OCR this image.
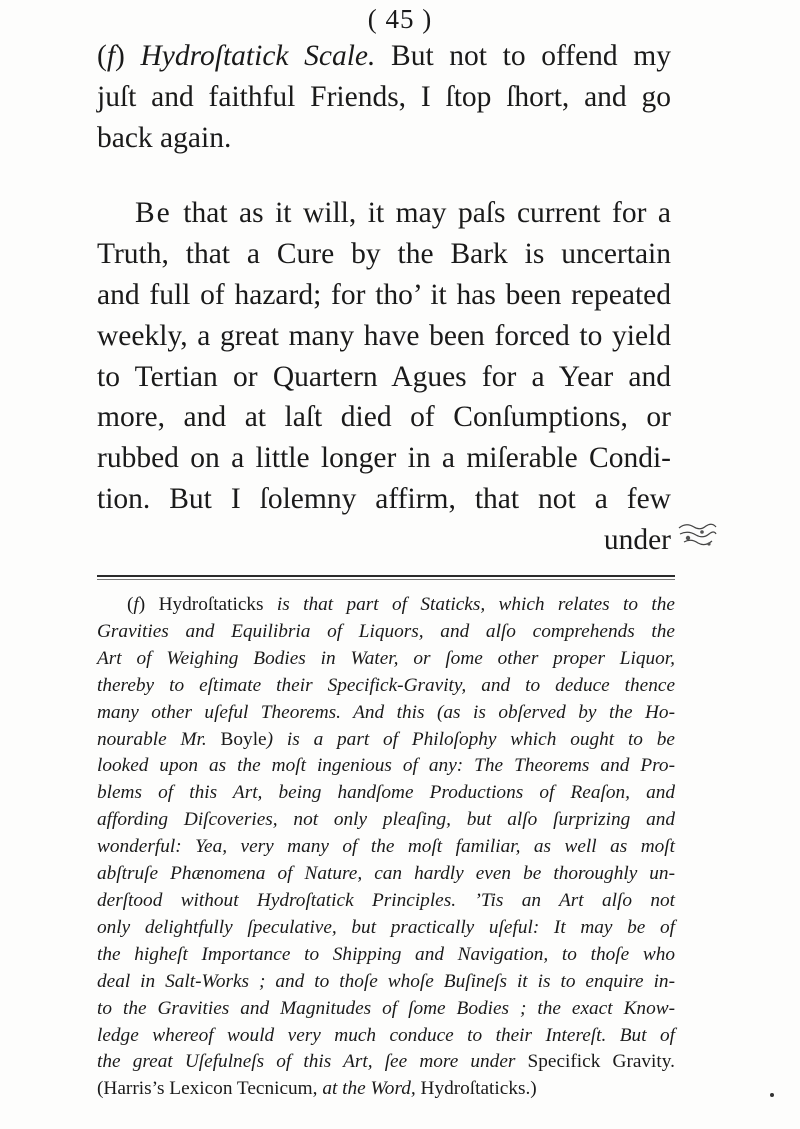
( 45 )
(f) Hydroſtatick Scale. But not to offend my
juſt and faithful Friends, I ſtop ſhort, and go
back again.
Be that as it will, it may paſs current for a
Truth, that a Cure by the Bark is uncertain
and full of hazard; for tho’ it has been repeated
weekly, a great many have been forced to yield
to Tertian or Quartern Agues for a Year and
more, and at laſt died of Conſumptions, or
rubbed on a little longer in a miſerable Condi-
tion. But I ſolemny affirm, that not a few
under
(f) Hydroſtaticks is that part of Staticks, which relates to the
Gravities and Equilibria of Liquors, and alſo comprehends the
Art of Weighing Bodies in Water, or ſome other proper Liquor,
thereby to eſtimate their Specifick-Gravity, and to deduce thence
many other uſeful Theorems. And this (as is obſerved by the Ho-
nourable Mr. Boyle) is a part of Philoſophy which ought to be
looked upon as the moſt ingenious of any: The Theorems and Pro-
blems of this Art, being handſome Productions of Reaſon, and
affording Diſcoveries, not only pleaſing, but alſo ſurprizing and
wonderful: Yea, very many of the moſt familiar, as well as moſt
abſtruſe Phænomena of Nature, can hardly even be thoroughly un-
derſtood without Hydroſtatick Principles. ’Tis an Art alſo not
only delightfully ſpeculative, but practically uſeful: It may be of
the higheſt Importance to Shipping and Navigation, to thoſe who
deal in Salt-Works ; and to thoſe whoſe Buſineſs it is to enquire in-
to the Gravities and Magnitudes of ſome Bodies ; the exact Know-
ledge whereof would very much conduce to their Intereſt. But of
the great Uſefulneſs of this Art, ſee more under Specifick Gravity.
(Harris’s Lexicon Tecnicum, at the Word, Hydroſtaticks.)
